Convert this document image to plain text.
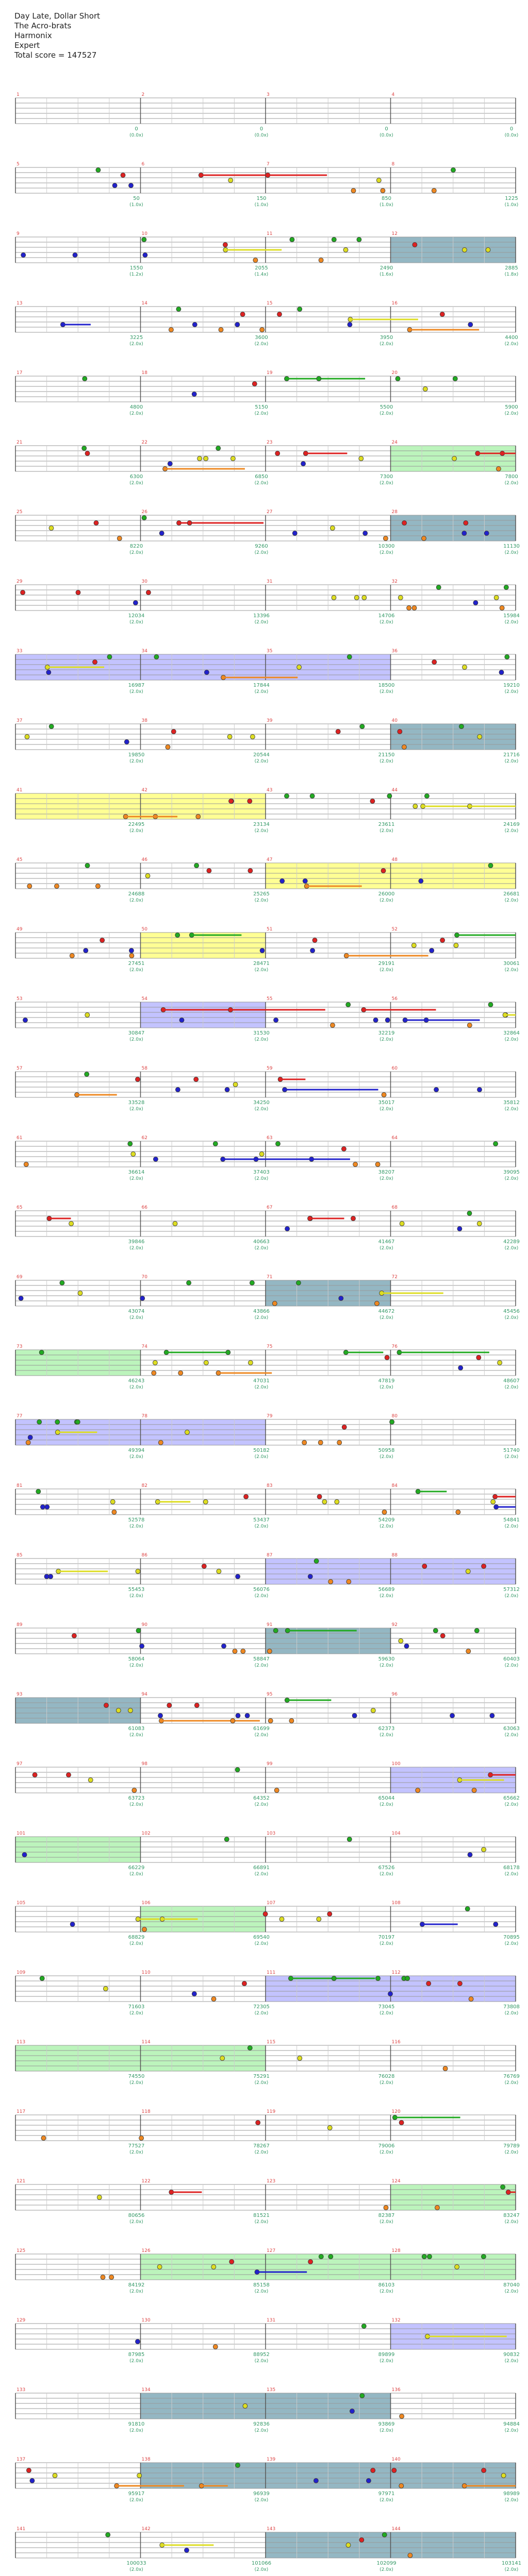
Day Late, Dollar Short
The Acro-brats
Harmonix
Expert
Total score = 147527
1
0
(0.0x)
2
0
(0.0x)
3
0
(0.0x)
4
0
(0.0x)
5
50
(1.0x)
6
150
(1.0x)
7
850
(1.0x)
8
1225
(1.0x)
9
1550
(1.2x)
10
2055
(1.4x)
11
2490
(1.6x)
12
2885
(1.8x)
13
3225
(2.0x)
14
3600
(2.0x)
15
3950
(2.0x)
16
4400
(2.0x)
17
4800
(2.0x)
18
5150
(2.0x)
19
5500
(2.0x)
20
5900
(2.0x)
21
6300
(2.0x)
22
6850
(2.0x)
23
7300
(2.0x)
24
7800
(2.0x)
25
8220
(2.0x)
26
9260
(2.0x)
27
10300
(2.0x)
28
11130
(2.0x)
29
12034
(2.0x)
30
13396
(2.0x)
31
14706
(2.0x)
32
15984
(2.0x)
33
16987
(2.0x)
34
17844
(2.0x)
35
18500
(2.0x)
36
19210
(2.0x)
37
19850
(2.0x)
38
20544
(2.0x)
39
21150
(2.0x)
40
21716
(2.0x)
41
22495
(2.0x)
42
23134
(2.0x)
43
23611
(2.0x)
44
24169
(2.0x)
45
24688
(2.0x)
46
25265
(2.0x)
47
26000
(2.0x)
48
26681
(2.0x)
49
27451
(2.0x)
50
28471
(2.0x)
51
29191
(2.0x)
52
30061
(2.0x)
53
30847
(2.0x)
54
31530
(2.0x)
55
32219
(2.0x)
56
32864
(2.0x)
57
33528
(2.0x)
58
34250
(2.0x)
59
35017
(2.0x)
60
35812
(2.0x)
61
36614
(2.0x)
62
37403
(2.0x)
63
38207
(2.0x)
64
39095
(2.0x)
65
39846
(2.0x)
66
40663
(2.0x)
67
41467
(2.0x)
68
42289
(2.0x)
69
43074
(2.0x)
70
43866
(2.0x)
71
44672
(2.0x)
72
45456
(2.0x)
73
46243
(2.0x)
74
47031
(2.0x)
75
47819
(2.0x)
76
48607
(2.0x)
77
49394
(2.0x)
78
50182
(2.0x)
79
50958
(2.0x)
80
51740
(2.0x)
81
52578
(2.0x)
82
53437
(2.0x)
83
54209
(2.0x)
84
54841
(2.0x)
85
55453
(2.0x)
86
56076
(2.0x)
87
56689
(2.0x)
88
57312
(2.0x)
89
58064
(2.0x)
90
58847
(2.0x)
91
59630
(2.0x)
92
60403
(2.0x)
93
61083
(2.0x)
94
61699
(2.0x)
95
62373
(2.0x)
96
63063
(2.0x)
97
63723
(2.0x)
98
64352
(2.0x)
99
65044
(2.0x)
100
65662
(2.0x)
101
66229
(2.0x)
102
66891
(2.0x)
103
67526
(2.0x)
104
68178
(2.0x)
105
68829
(2.0x)
106
69540
(2.0x)
107
70197
(2.0x)
108
70895
(2.0x)
109
71603
(2.0x)
110
72305
(2.0x)
111
73045
(2.0x)
112
73808
(2.0x)
113
74550
(2.0x)
114
75291
(2.0x)
115
76028
(2.0x)
116
76769
(2.0x)
117
77527
(2.0x)
118
78267
(2.0x)
119
79006
(2.0x)
120
79789
(2.0x)
121
80656
(2.0x)
122
81521
(2.0x)
123
82387
(2.0x)
124
83247
(2.0x)
125
84192
(2.0x)
126
85158
(2.0x)
127
86103
(2.0x)
128
87040
(2.0x)
129
87985
(2.0x)
130
88952
(2.0x)
131
89899
(2.0x)
132
90832
(2.0x)
133
91810
(2.0x)
134
92836
(2.0x)
135
93869
(2.0x)
136
94884
(2.0x)
137
95917
(2.0x)
138
96939
(2.0x)
139
97971
(2.0x)
140
98989
(2.0x)
141
100033
(2.0x)
142
101066
(2.0x)
143
102099
(2.0x)
144
103141
(2.0x)
